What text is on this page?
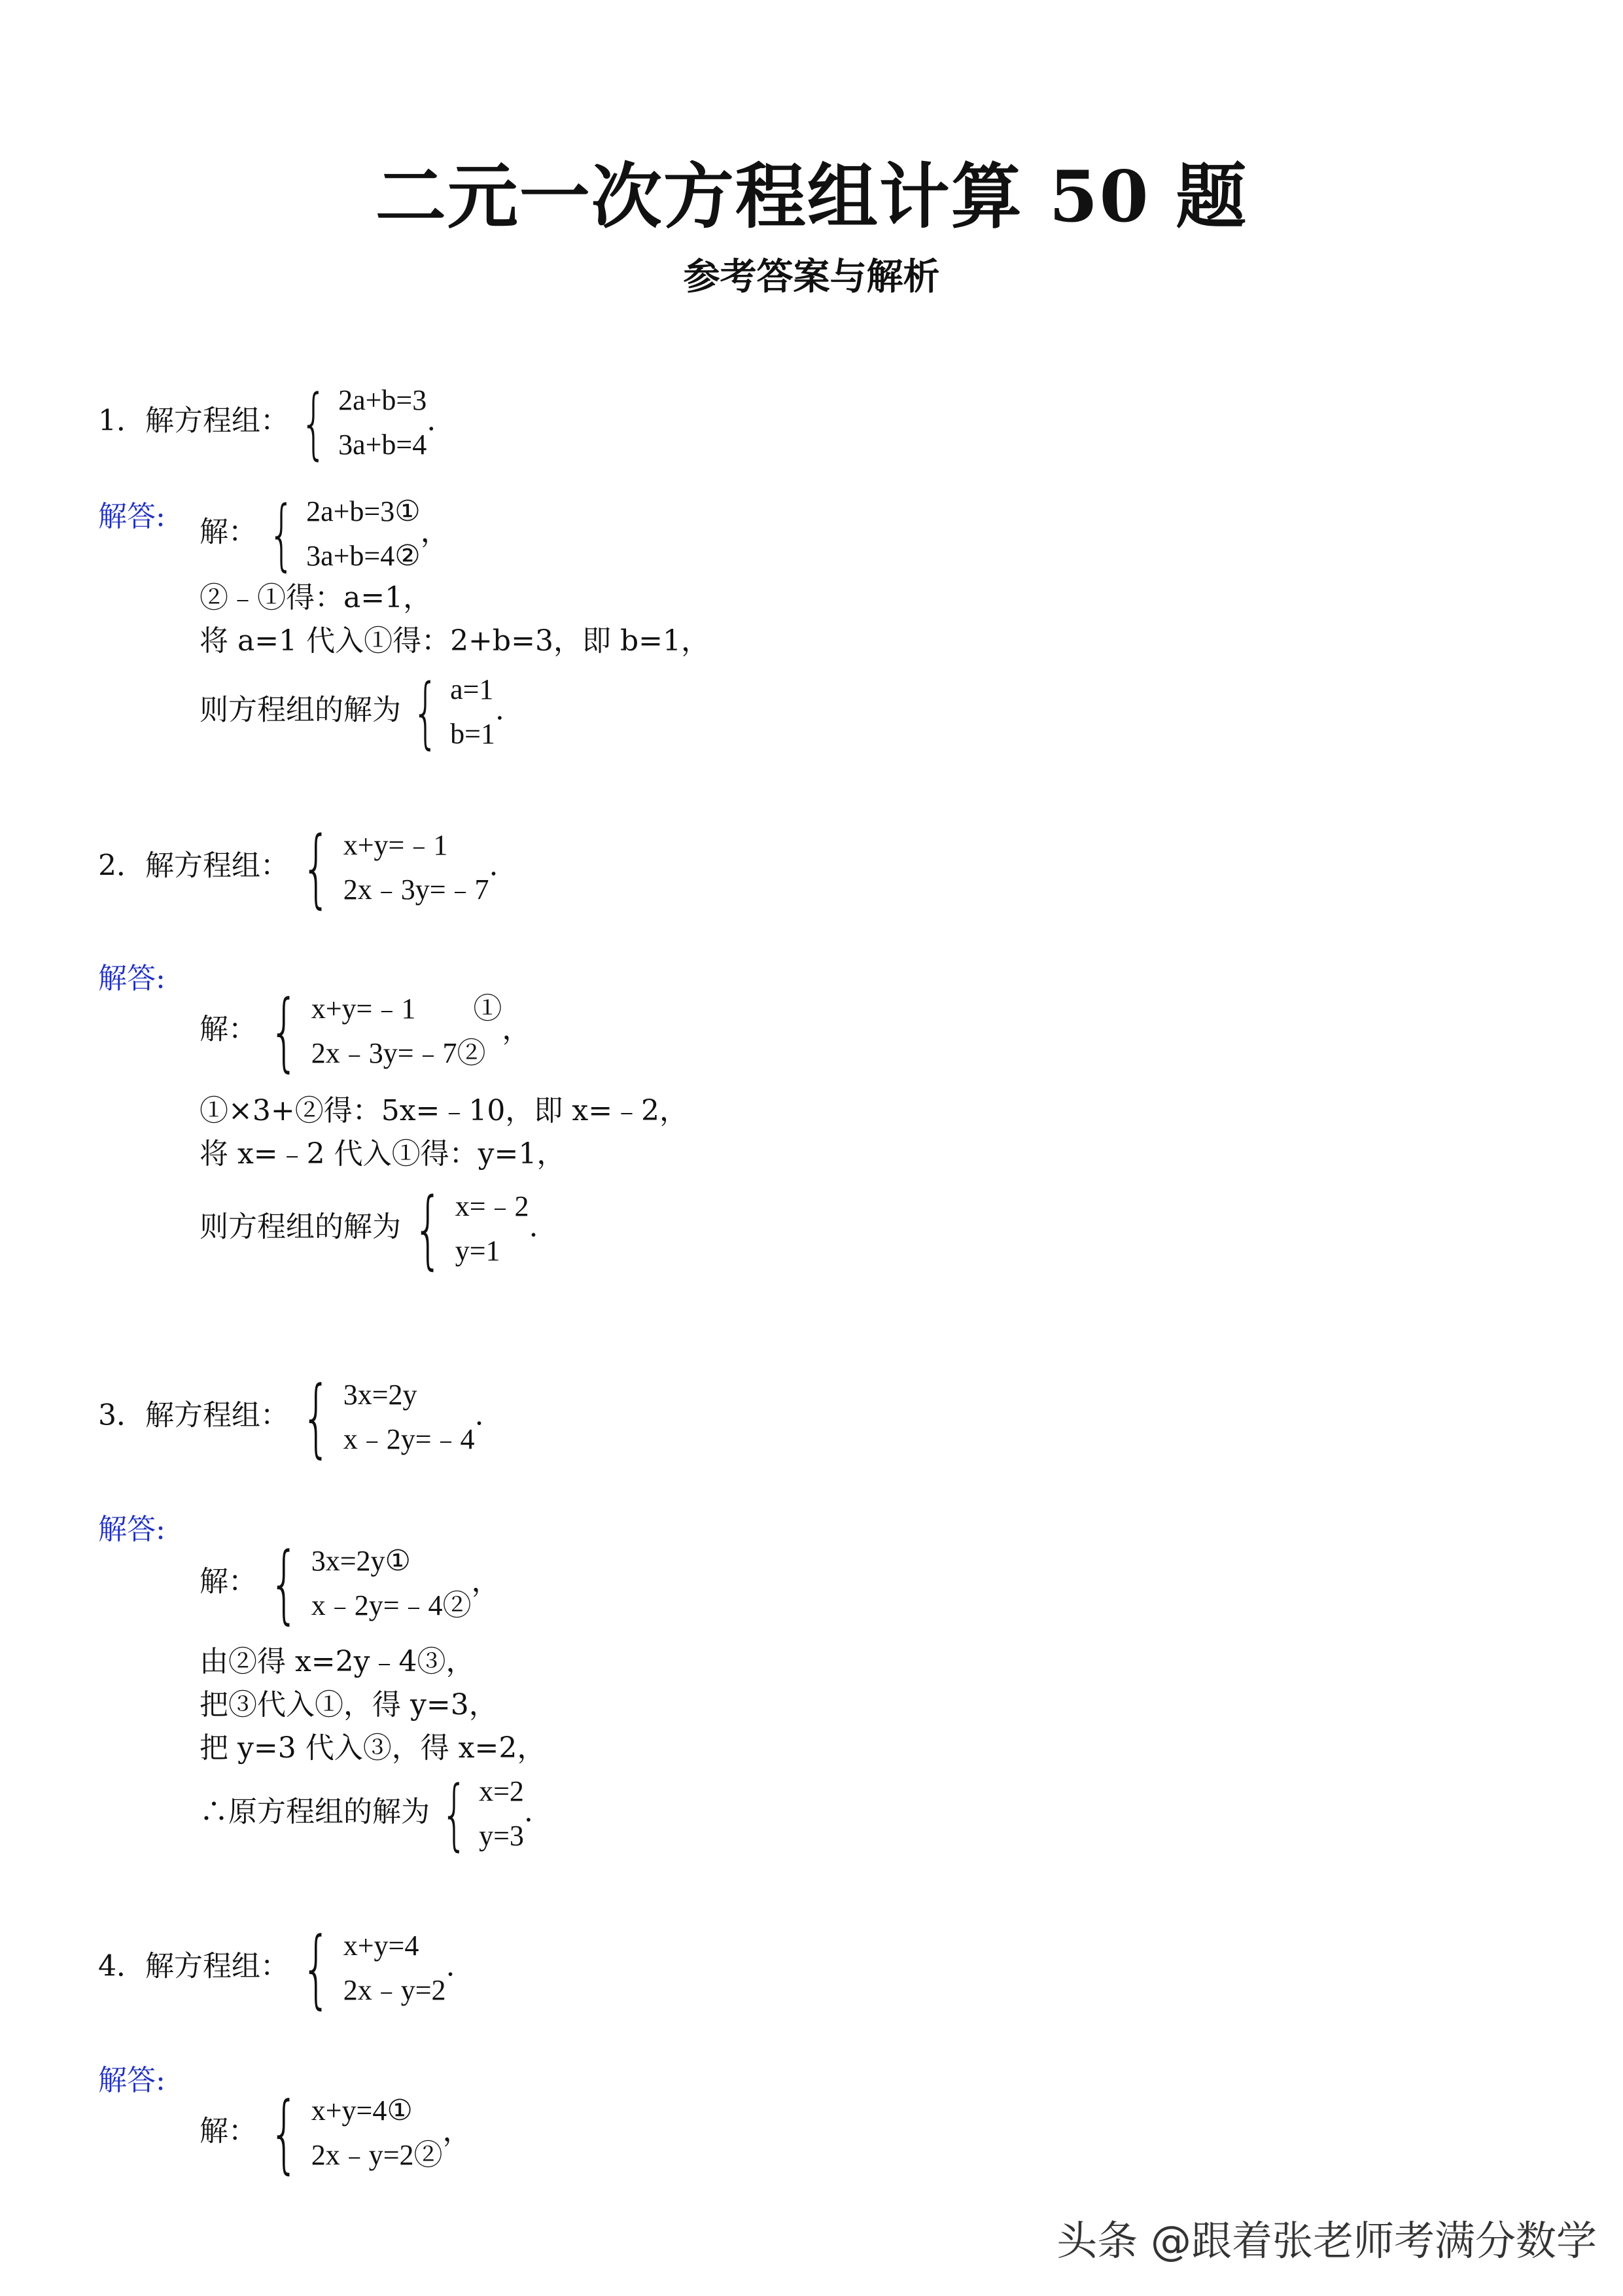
二元一次方程组计算 50 题
参考答案与解析
1．解方程组： { 2a+b=3
3a+b=4
.
解答: 解： { 2a+b=3①
3a+b=4②
，
②﹣①得：a=1，
将 a=1 代入①得：2+b=3，即 b=1，
则方程组的解为 { a=1
b=1
.
2．解方程组： { x+y=﹣1
2x﹣3y=﹣7
.
解答:
解： { x+y=﹣1　　①
2x﹣3y=﹣7②
，
①×3+②得：5x=﹣10，即 x=﹣2，
将 x=﹣2 代入①得：y=1，
则方程组的解为 { x=﹣2
y=1
.
3．解方程组： { 3x=2y
x﹣2y=﹣4
.
解答:
解： { 3x=2y①
x﹣2y=﹣4②
，
由②得 x=2y﹣4③，
把③代入①，得 y=3，
把 y=3 代入③，得 x=2，
∴原方程组的解为 { x=2
y=3
.
4．解方程组： { x+y=4
2x﹣y=2
.
解答:
解： { x+y=4①
2x﹣y=2②
，
头条 @跟着张老师考满分数学
